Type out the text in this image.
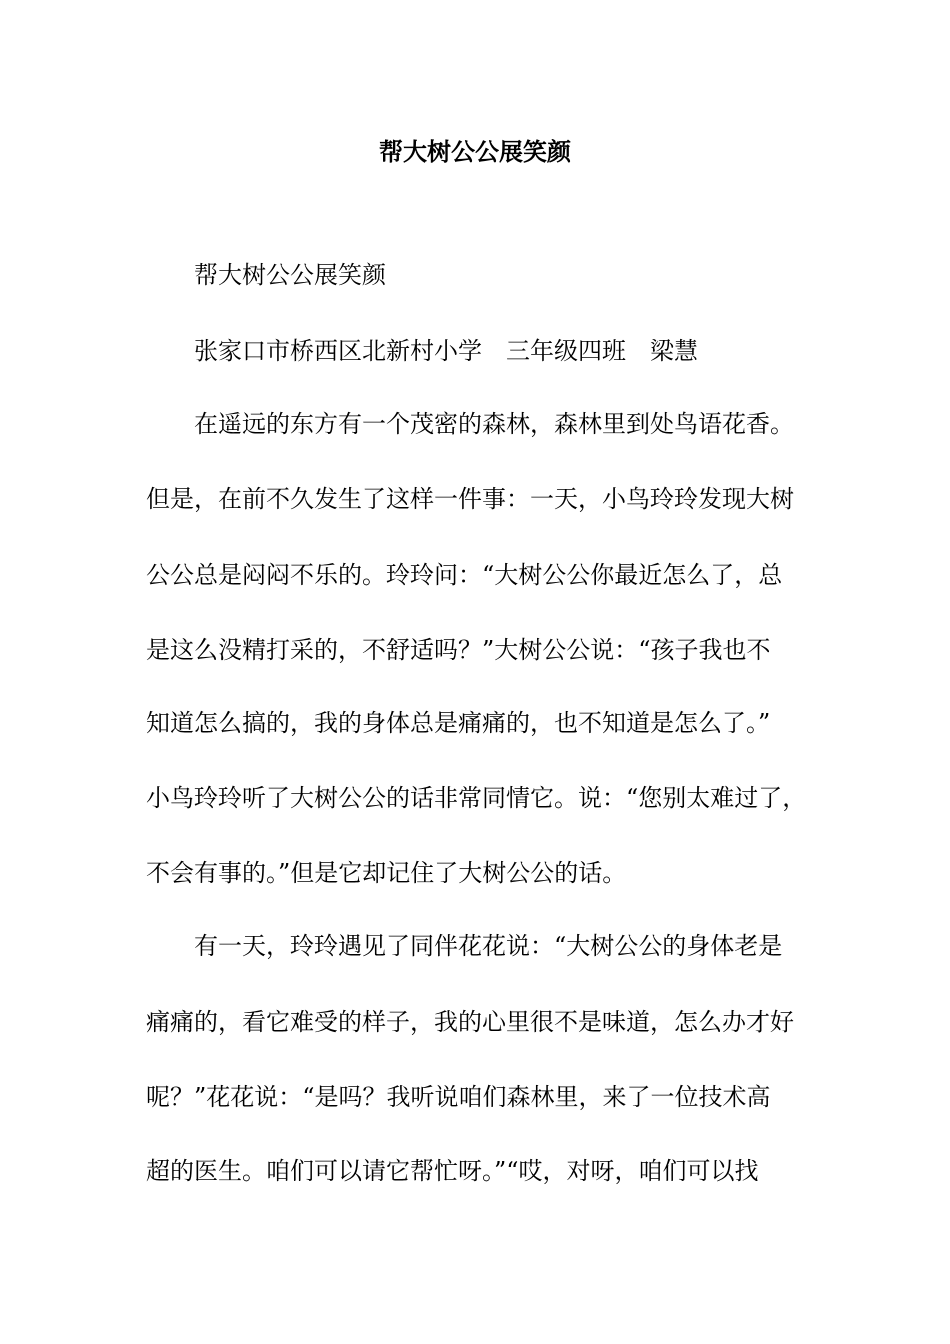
帮大树公公展笑颜

帮大树公公展笑颜

张家口市桥西区北新村小学　三年级四班　梁慧

在遥远的东方有一个茂密的森林，森林里到处鸟语花香。

但是，在前不久发生了这样一件事：一天，小鸟玲玲发现大树

公公总是闷闷不乐的。玲玲问：“大树公公你最近怎么了，总

是这么没精打采的，不舒适吗？”大树公公说：“孩子我也不

知道怎么搞的，我的身体总是痛痛的，也不知道是怎么了。”

小鸟玲玲听了大树公公的话非常同情它。说：“您别太难过了，

不会有事的。”但是它却记住了大树公公的话。

有一天，玲玲遇见了同伴花花说：“大树公公的身体老是

痛痛的，看它难受的样子，我的心里很不是味道，怎么办才好

呢？”花花说：“是吗？我听说咱们森林里，来了一位技术高

超的医生。咱们可以请它帮忙呀。”“哎，对呀，咱们可以找
